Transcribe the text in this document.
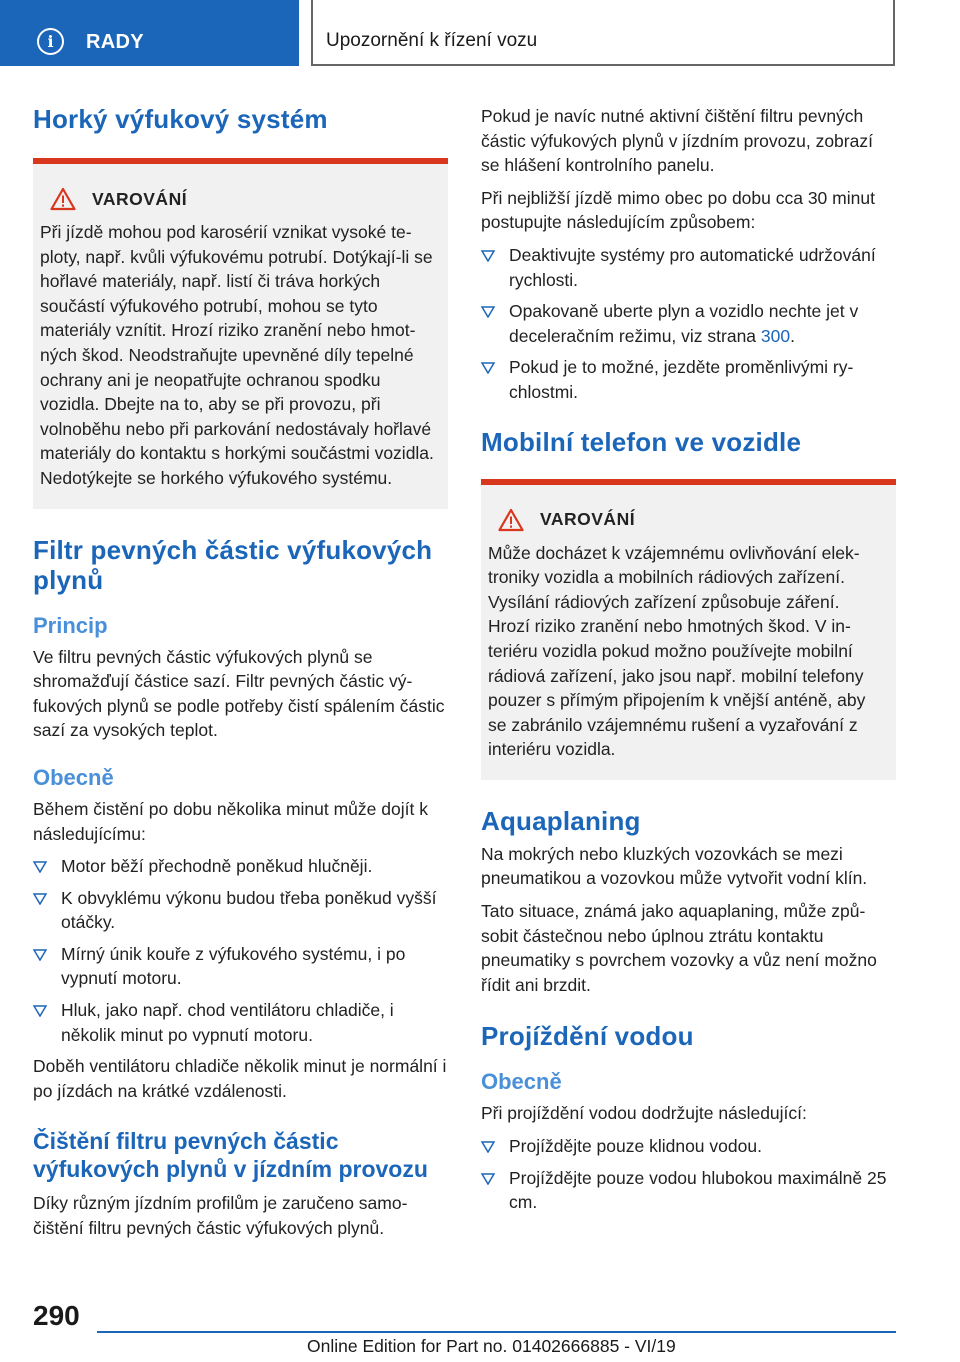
i	RADY	Upozornění k řízení vozu
Horký výfukový systém
VAROVÁNÍ

Při jízdě mohou pod karosérií vznikat vysoké teploty, např. kvůli výfukovému potrubí. Dotýkají-li se hořlavé materiály, např. listí či tráva horkých součástí výfukového potrubí, mohou se tyto materiály vznítit. Hrozí riziko zranění nebo hmotných škod. Neodstraňujte upevněné díly tepelné ochrany ani je neopatřujte ochranou spodku vozidla. Dbejte na to, aby se při provozu, při volnoběhu nebo při parkování nedostávaly hořlavé materiály do kontaktu s horkými součástmi vozidla. Nedotýkejte se horkého výfukového systému.

Filtr pevných částic výfukových plynů
Princip

Ve filtru pevných částic výfukových plynů se shromažďují částice sazí. Filtr pevných částic výfukových plynů se podle potřeby čistí spálením částic sazí za vysokých teplot.

Obecně

Během čistění po dobu několika minut může dojít k následujícímu:

Motor běží přechodně poněkud hlučněji.
K obvyklému výkonu budou třeba poněkud vyšší otáčky.
Mírný únik kouře z výfukového systému, i po vypnutí motoru.
Hluk, jako např. chod ventilátoru chladiče, i několik minut po vypnutí motoru.

Doběh ventilátoru chladiče několik minut je normální i po jízdách na krátké vzdálenosti.

Čištění filtru pevných částic výfukových plynů v jízdním provozu

Díky různým jízdním profilům je zaručeno samočištění filtru pevných částic výfukových plynů.

Pokud je navíc nutné aktivní čištění filtru pevných částic výfukových plynů v jízdním provozu, zobrazí se hlášení kontrolního panelu.

Při nejbližší jízdě mimo obec po dobu cca 30 minut postupujte následujícím způsobem:

Deaktivujte systémy pro automatické udržování rychlosti.
Opakovaně uberte plyn a vozidlo nechte jet v deceleračním režimu, viz strana 300.
Pokud je to možné, jezděte proměnlivými rychlostmi.
Mobilní telefon ve vozidle
VAROVÁNÍ

Může docházet k vzájemnému ovlivňování elektroniky vozidla a mobilních rádiových zařízení. Vysílání rádiových zařízení způsobuje záření. Hrozí riziko zranění nebo hmotných škod. V interiéru vozidla pokud možno používejte mobilní rádiová zařízení, jako jsou např. mobilní telefony pouzer s přímým připojením k vnější anténě, aby se zabránilo vzájemnému rušení a vyzařování z interiéru vozidla.

Aquaplaning

Na mokrých nebo kluzkých vozovkách se mezi pneumatikou a vozovkou může vytvořit vodní klín.

Tato situace, známá jako aquaplaning, může způsobit částečnou nebo úplnou ztrátu kontaktu pneumatiky s povrchem vozovky a vůz není možno řídit ani brzdit.

Projíždění vodou
Obecně

Při projíždění vodou dodržujte následující:

Projíždějte pouze klidnou vodou.
Projíždějte pouze vodou hlubokou maximálně 25 cm.
290
Online Edition for Part no. 01402666885 - VI/19
